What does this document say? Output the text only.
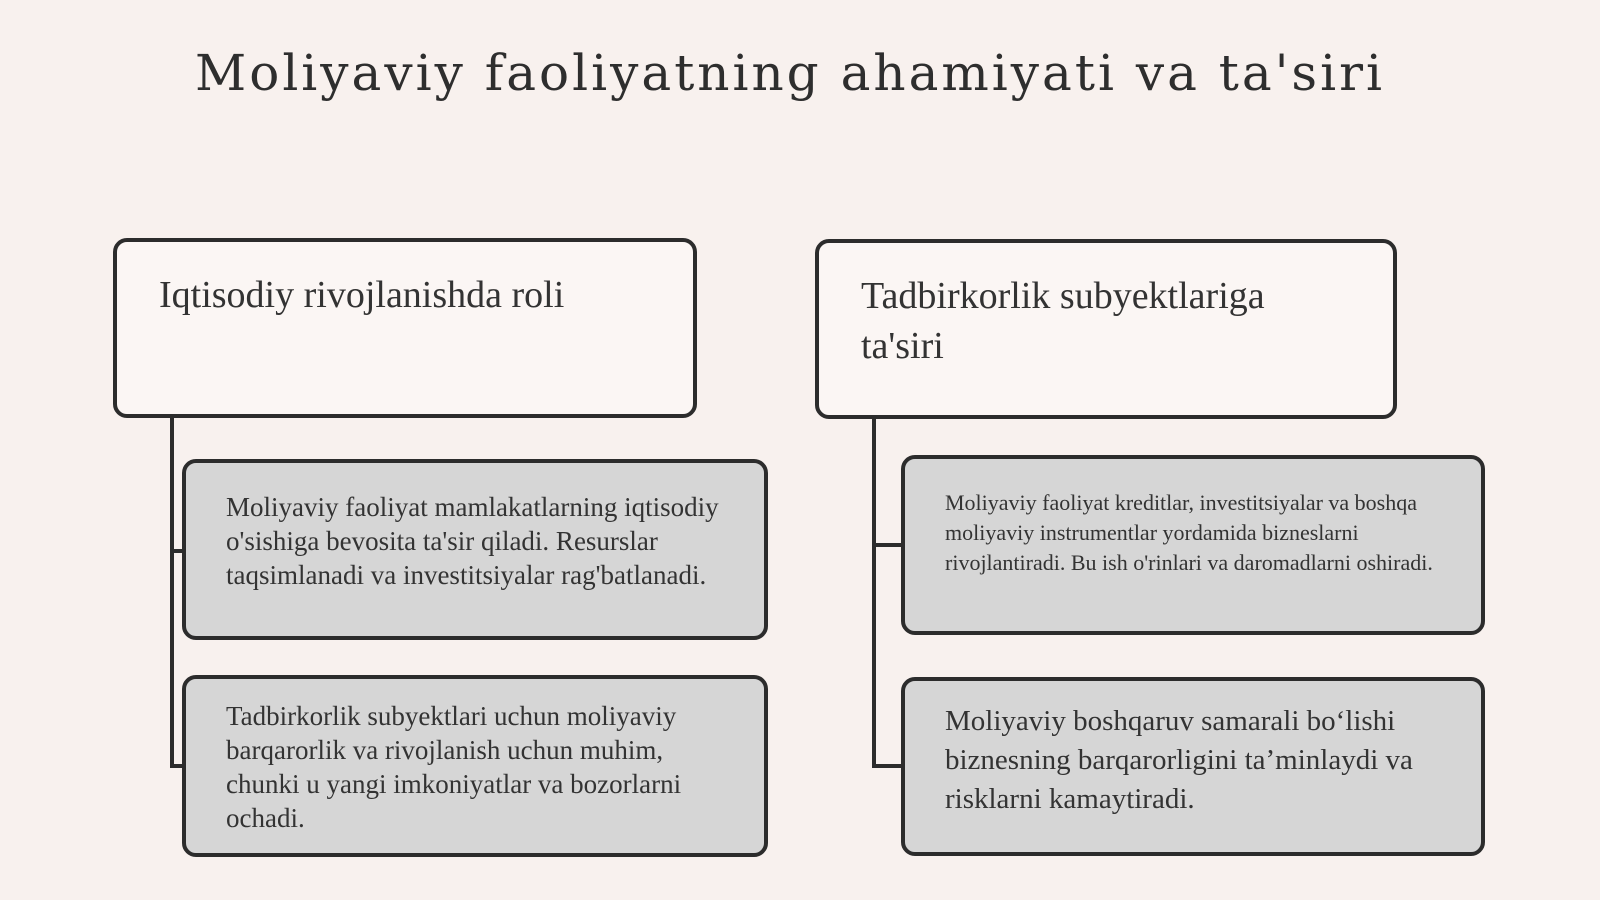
Moliyaviy faoliyatning ahamiyati va ta'siri
Iqtisodiy rivojlanishda roli
Moliyaviy faoliyat mamlakatlarning iqtisodiy o'sishiga bevosita ta'sir qiladi. Resurslar taqsimlanadi va investitsiyalar rag'batlanadi.
Tadbirkorlik subyektlari uchun moliyaviy barqarorlik va rivojlanish uchun muhim, chunki u yangi imkoniyatlar va bozorlarni ochadi.
Tadbirkorlik subyektlariga ta'siri
Moliyaviy faoliyat kreditlar, investitsiyalar va boshqa moliyaviy instrumentlar yordamida bizneslarni rivojlantiradi. Bu ish o'rinlari va daromadlarni oshiradi.
Moliyaviy boshqaruv samarali bo‘lishi biznesning barqarorligini ta’minlaydi va risklarni kamaytiradi.
